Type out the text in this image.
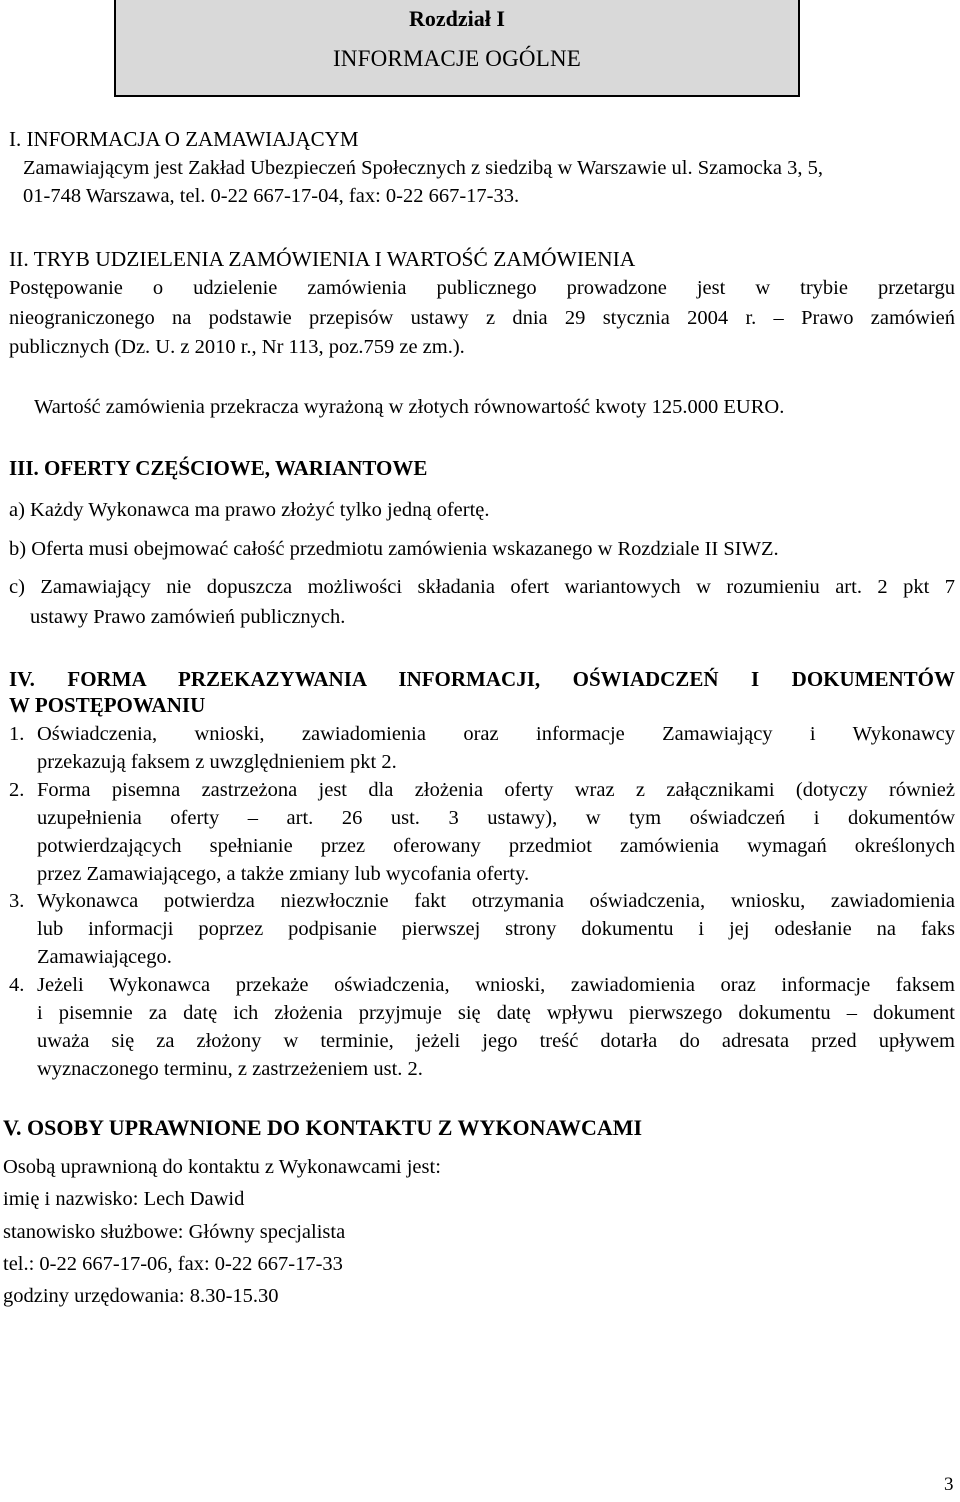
Rozdział I
INFORMACJE OGÓLNE
I. INFORMACJA O ZAMAWIAJĄCYM
Zamawiającym jest Zakład Ubezpieczeń Społecznych z siedzibą w Warszawie ul. Szamocka 3, 5,
01-748 Warszawa, tel. 0-22 667-17-04, fax: 0-22 667-17-33.
II. TRYB UDZIELENIA ZAMÓWIENIA I WARTOŚĆ ZAMÓWIENIA
Postępowanie o udzielenie zamówienia publicznego prowadzone jest w trybie przetargu
nieograniczonego na podstawie przepisów ustawy z dnia 29 stycznia 2004 r. – Prawo zamówień
publicznych (Dz. U. z 2010 r., Nr 113, poz.759 ze zm.).
Wartość zamówienia przekracza wyrażoną w złotych równowartość kwoty 125.000 EURO.
III. OFERTY CZĘŚCIOWE, WARIANTOWE
a) Każdy Wykonawca ma prawo złożyć tylko jedną ofertę.
b) Oferta musi obejmować całość przedmiotu zamówienia wskazanego w Rozdziale II SIWZ.
c) Zamawiający nie dopuszcza możliwości składania ofert wariantowych w rozumieniu art. 2 pkt 7
ustawy Prawo zamówień publicznych.
IV. FORMA PRZEKAZYWANIA INFORMACJI, OŚWIADCZEŃ I DOKUMENTÓW
W POSTĘPOWANIU
1. Oświadczenia, wnioski, zawiadomienia oraz informacje Zamawiający i Wykonawcy
przekazują faksem z uwzględnieniem pkt 2.
2. Forma pisemna zastrzeżona jest dla złożenia oferty wraz z załącznikami (dotyczy również
uzupełnienia oferty – art. 26 ust. 3 ustawy), w tym oświadczeń i dokumentów
potwierdzających spełnianie przez oferowany przedmiot zamówienia wymagań określonych
przez Zamawiającego, a także zmiany lub wycofania oferty.
3. Wykonawca potwierdza niezwłocznie fakt otrzymania oświadczenia, wniosku, zawiadomienia
lub informacji poprzez podpisanie pierwszej strony dokumentu i jej odesłanie na faks
Zamawiającego.
4. Jeżeli Wykonawca przekaże oświadczenia, wnioski, zawiadomienia oraz informacje faksem
i pisemnie za datę ich złożenia przyjmuje się datę wpływu pierwszego dokumentu – dokument
uważa się za złożony w terminie, jeżeli jego treść dotarła do adresata przed upływem
wyznaczonego terminu, z zastrzeżeniem ust. 2.
V. OSOBY UPRAWNIONE DO KONTAKTU Z WYKONAWCAMI
Osobą uprawnioną do kontaktu z Wykonawcami jest:
imię i nazwisko: Lech Dawid
stanowisko służbowe: Główny specjalista
tel.: 0-22 667-17-06, fax: 0-22 667-17-33
godziny urzędowania: 8.30-15.30
3
